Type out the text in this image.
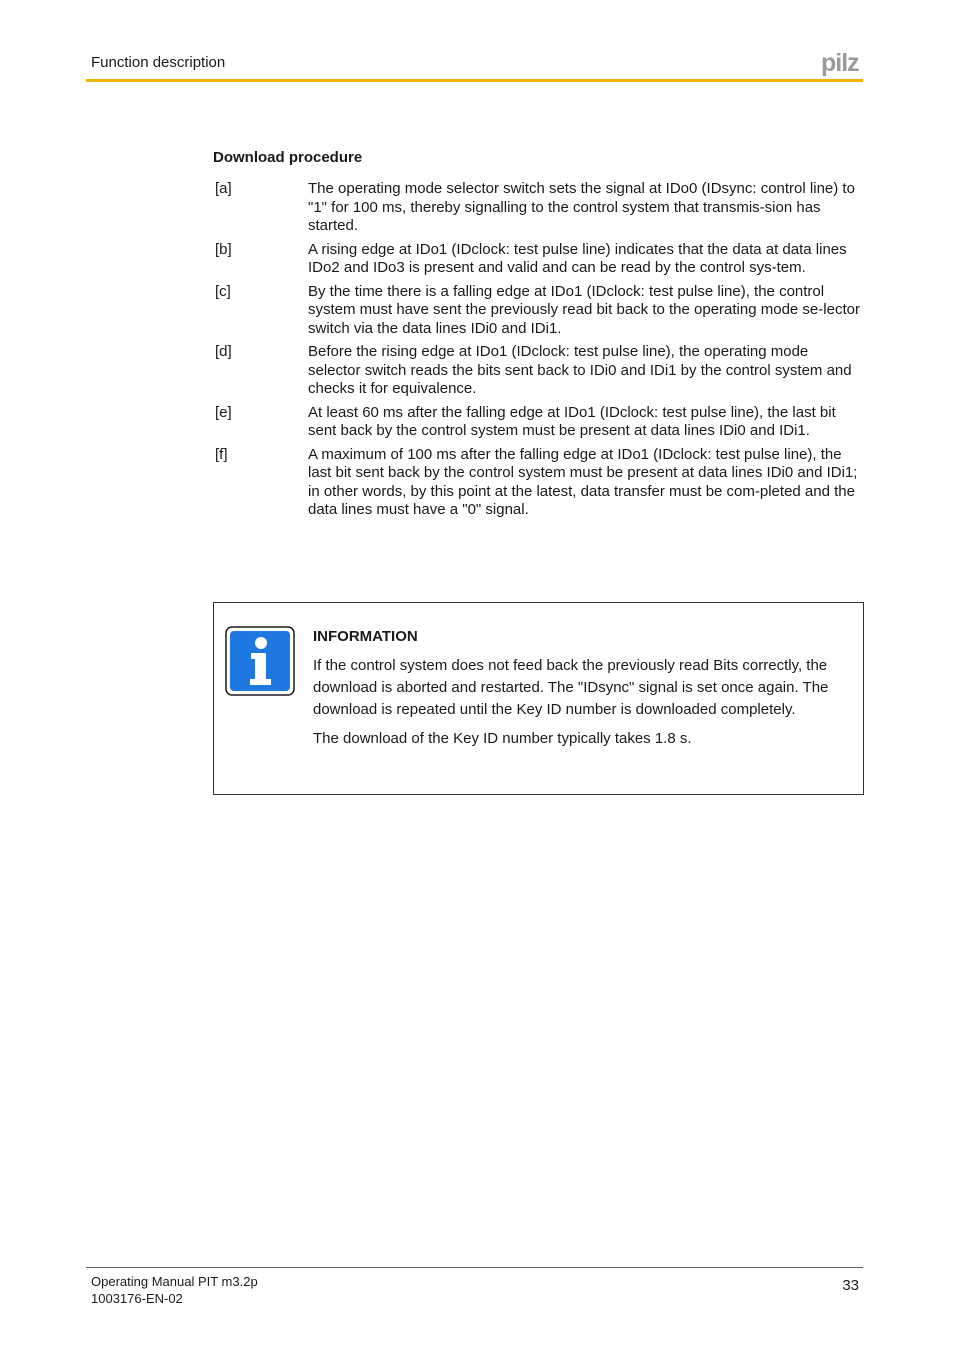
Function description	pilz
Download procedure
[a]	The operating mode selector switch sets the signal at IDo0 (IDsync: control line) to "1" for 100 ms, thereby signalling to the control system that transmis-sion has started.
[b]	A rising edge at IDo1 (IDclock: test pulse line) indicates that the data at data lines IDo2 and IDo3 is present and valid and can be read by the control sys-tem.
[c]	By the time there is a falling edge at IDo1 (IDclock: test pulse line), the control system must have sent the previously read bit back to the operating mode se-lector switch via the data lines IDi0 and IDi1.
[d]	Before the rising edge at IDo1 (IDclock: test pulse line), the operating mode selector switch reads the bits sent back to IDi0 and IDi1 by the control system and checks it for equivalence.
[e]	At least 60 ms after the falling edge at IDo1 (IDclock: test pulse line), the last bit sent back by the control system must be present at data lines IDi0 and IDi1.
[f]	A maximum of 100 ms after the falling edge at IDo1 (IDclock: test pulse line), the last bit sent back by the control system must be present at data lines IDi0 and IDi1; in other words, by this point at the latest, data transfer must be com-pleted and the data lines must have a "0" signal.

INFORMATION

If the control system does not feed back the previously read Bits correctly, the download is aborted and restarted. The "IDsync" signal is set once again. The download is repeated until the Key ID number is downloaded completely.

The download of the Key ID number typically takes 1.8 s.

Operating Manual PIT m3.2p
1003176-EN-02
33
